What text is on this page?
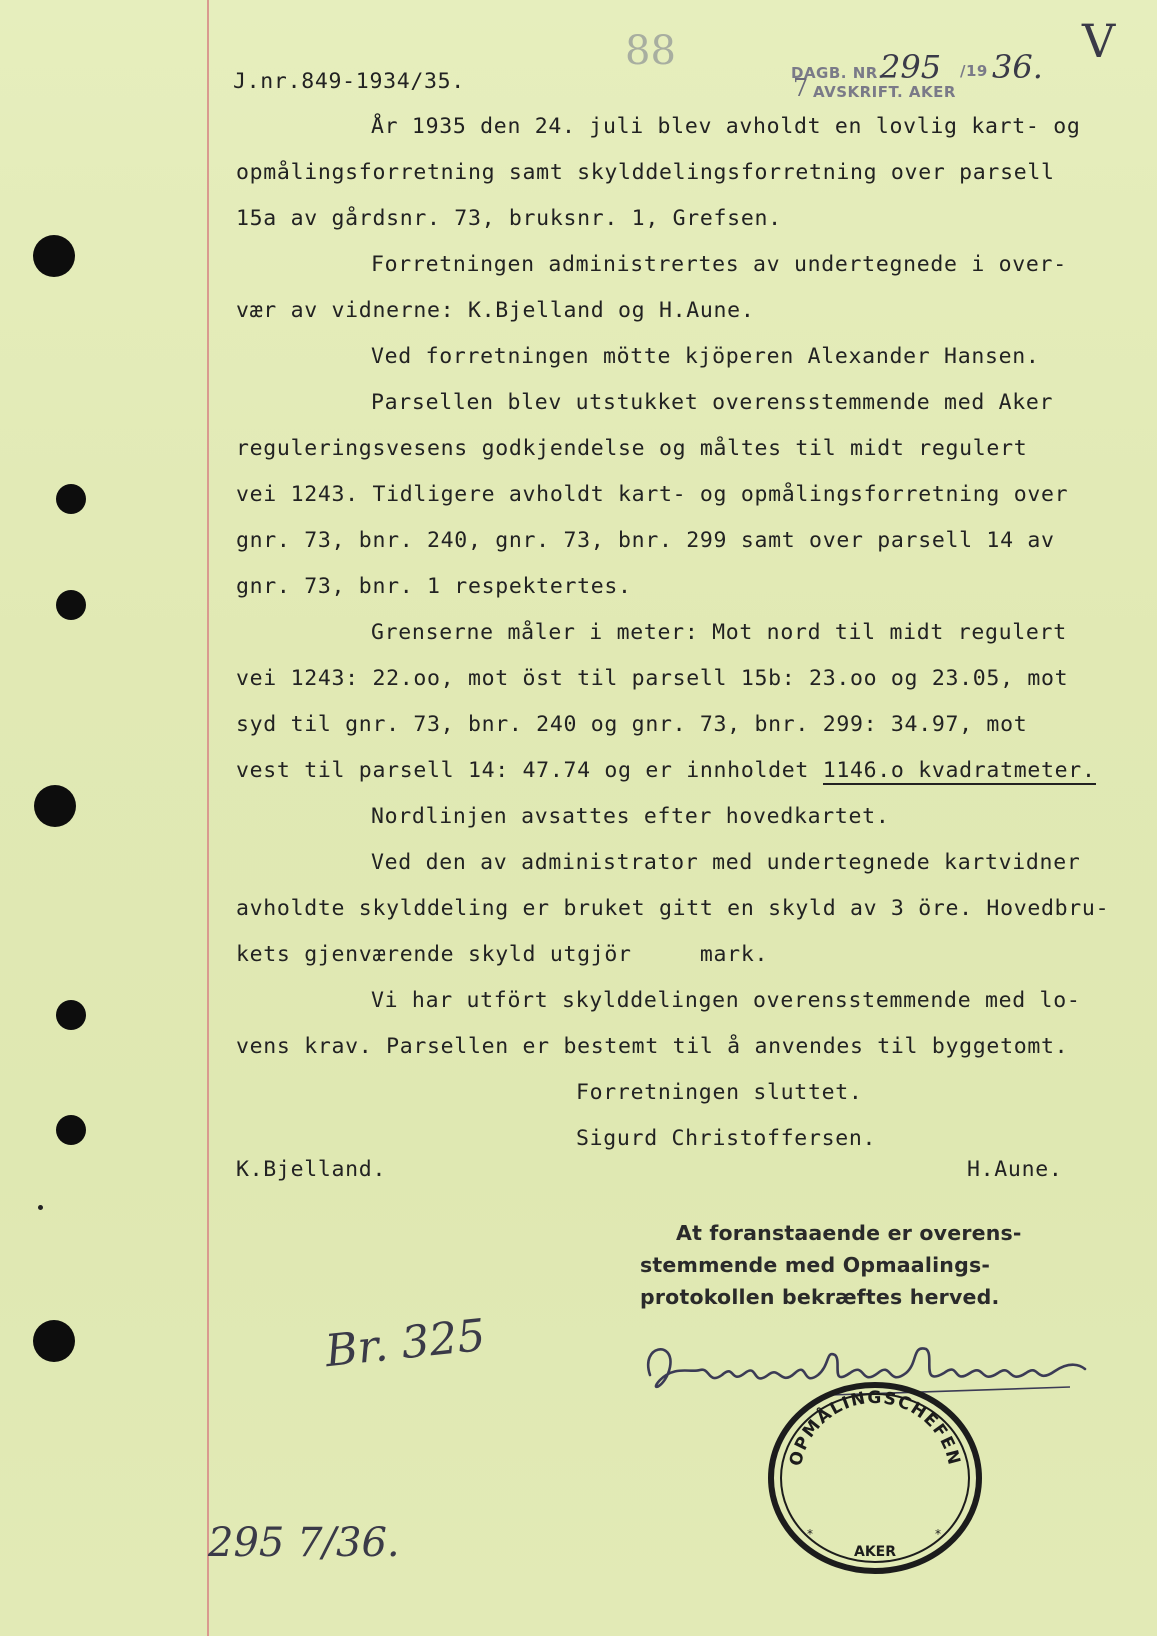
J.nr.849-1934/35.
88	DAGB. NR.
295 /19 36.
7 AVSKRIFT. AKER
V
År 1935 den 24. juli blev avholdt en lovlig kart- og
opmålingsforretning samt skylddelingsforretning over parsell
15a av gårdsnr. 73, bruksnr. 1, Grefsen.
Forretningen administrertes av undertegnede i over-
vær av vidnerne: K.Bjelland og H.Aune.
Ved forretningen mötte kjöperen Alexander Hansen.
Parsellen blev utstukket overensstemmende med Aker
reguleringsvesens godkjendelse og måltes til midt regulert
vei 1243. Tidligere avholdt kart- og opmålingsforretning over
gnr. 73, bnr. 240, gnr. 73, bnr. 299 samt over parsell 14 av
gnr. 73, bnr. 1 respektertes.
Grenserne måler i meter: Mot nord til midt regulert
vei 1243: 22.oo, mot öst til parsell 15b: 23.oo og 23.05, mot
syd til gnr. 73, bnr. 240 og gnr. 73, bnr. 299: 34.97, mot
vest til parsell 14: 47.74 og er innholdet 1146.o kvadratmeter.
Nordlinjen avsattes efter hovedkartet.
Ved den av administrator med undertegnede kartvidner
avholdte skylddeling er bruket gitt en skyld av 3 öre. Hovedbru-
kets gjenværende skyld utgjör     mark.
Vi har utfört skylddelingen overensstemmende med lo-
vens krav. Parsellen er bestemt til å anvendes til byggetomt.
Forretningen sluttet.
Sigurd Christoffersen.
K.Bjelland.	H.Aune.
At foranstaaende er overens-
stemmende med Opmaalings-
protokollen bekræftes herved.
Br. 325
OPMÅLINGSCHEFEN
AKER
*	*
295 7/36.
